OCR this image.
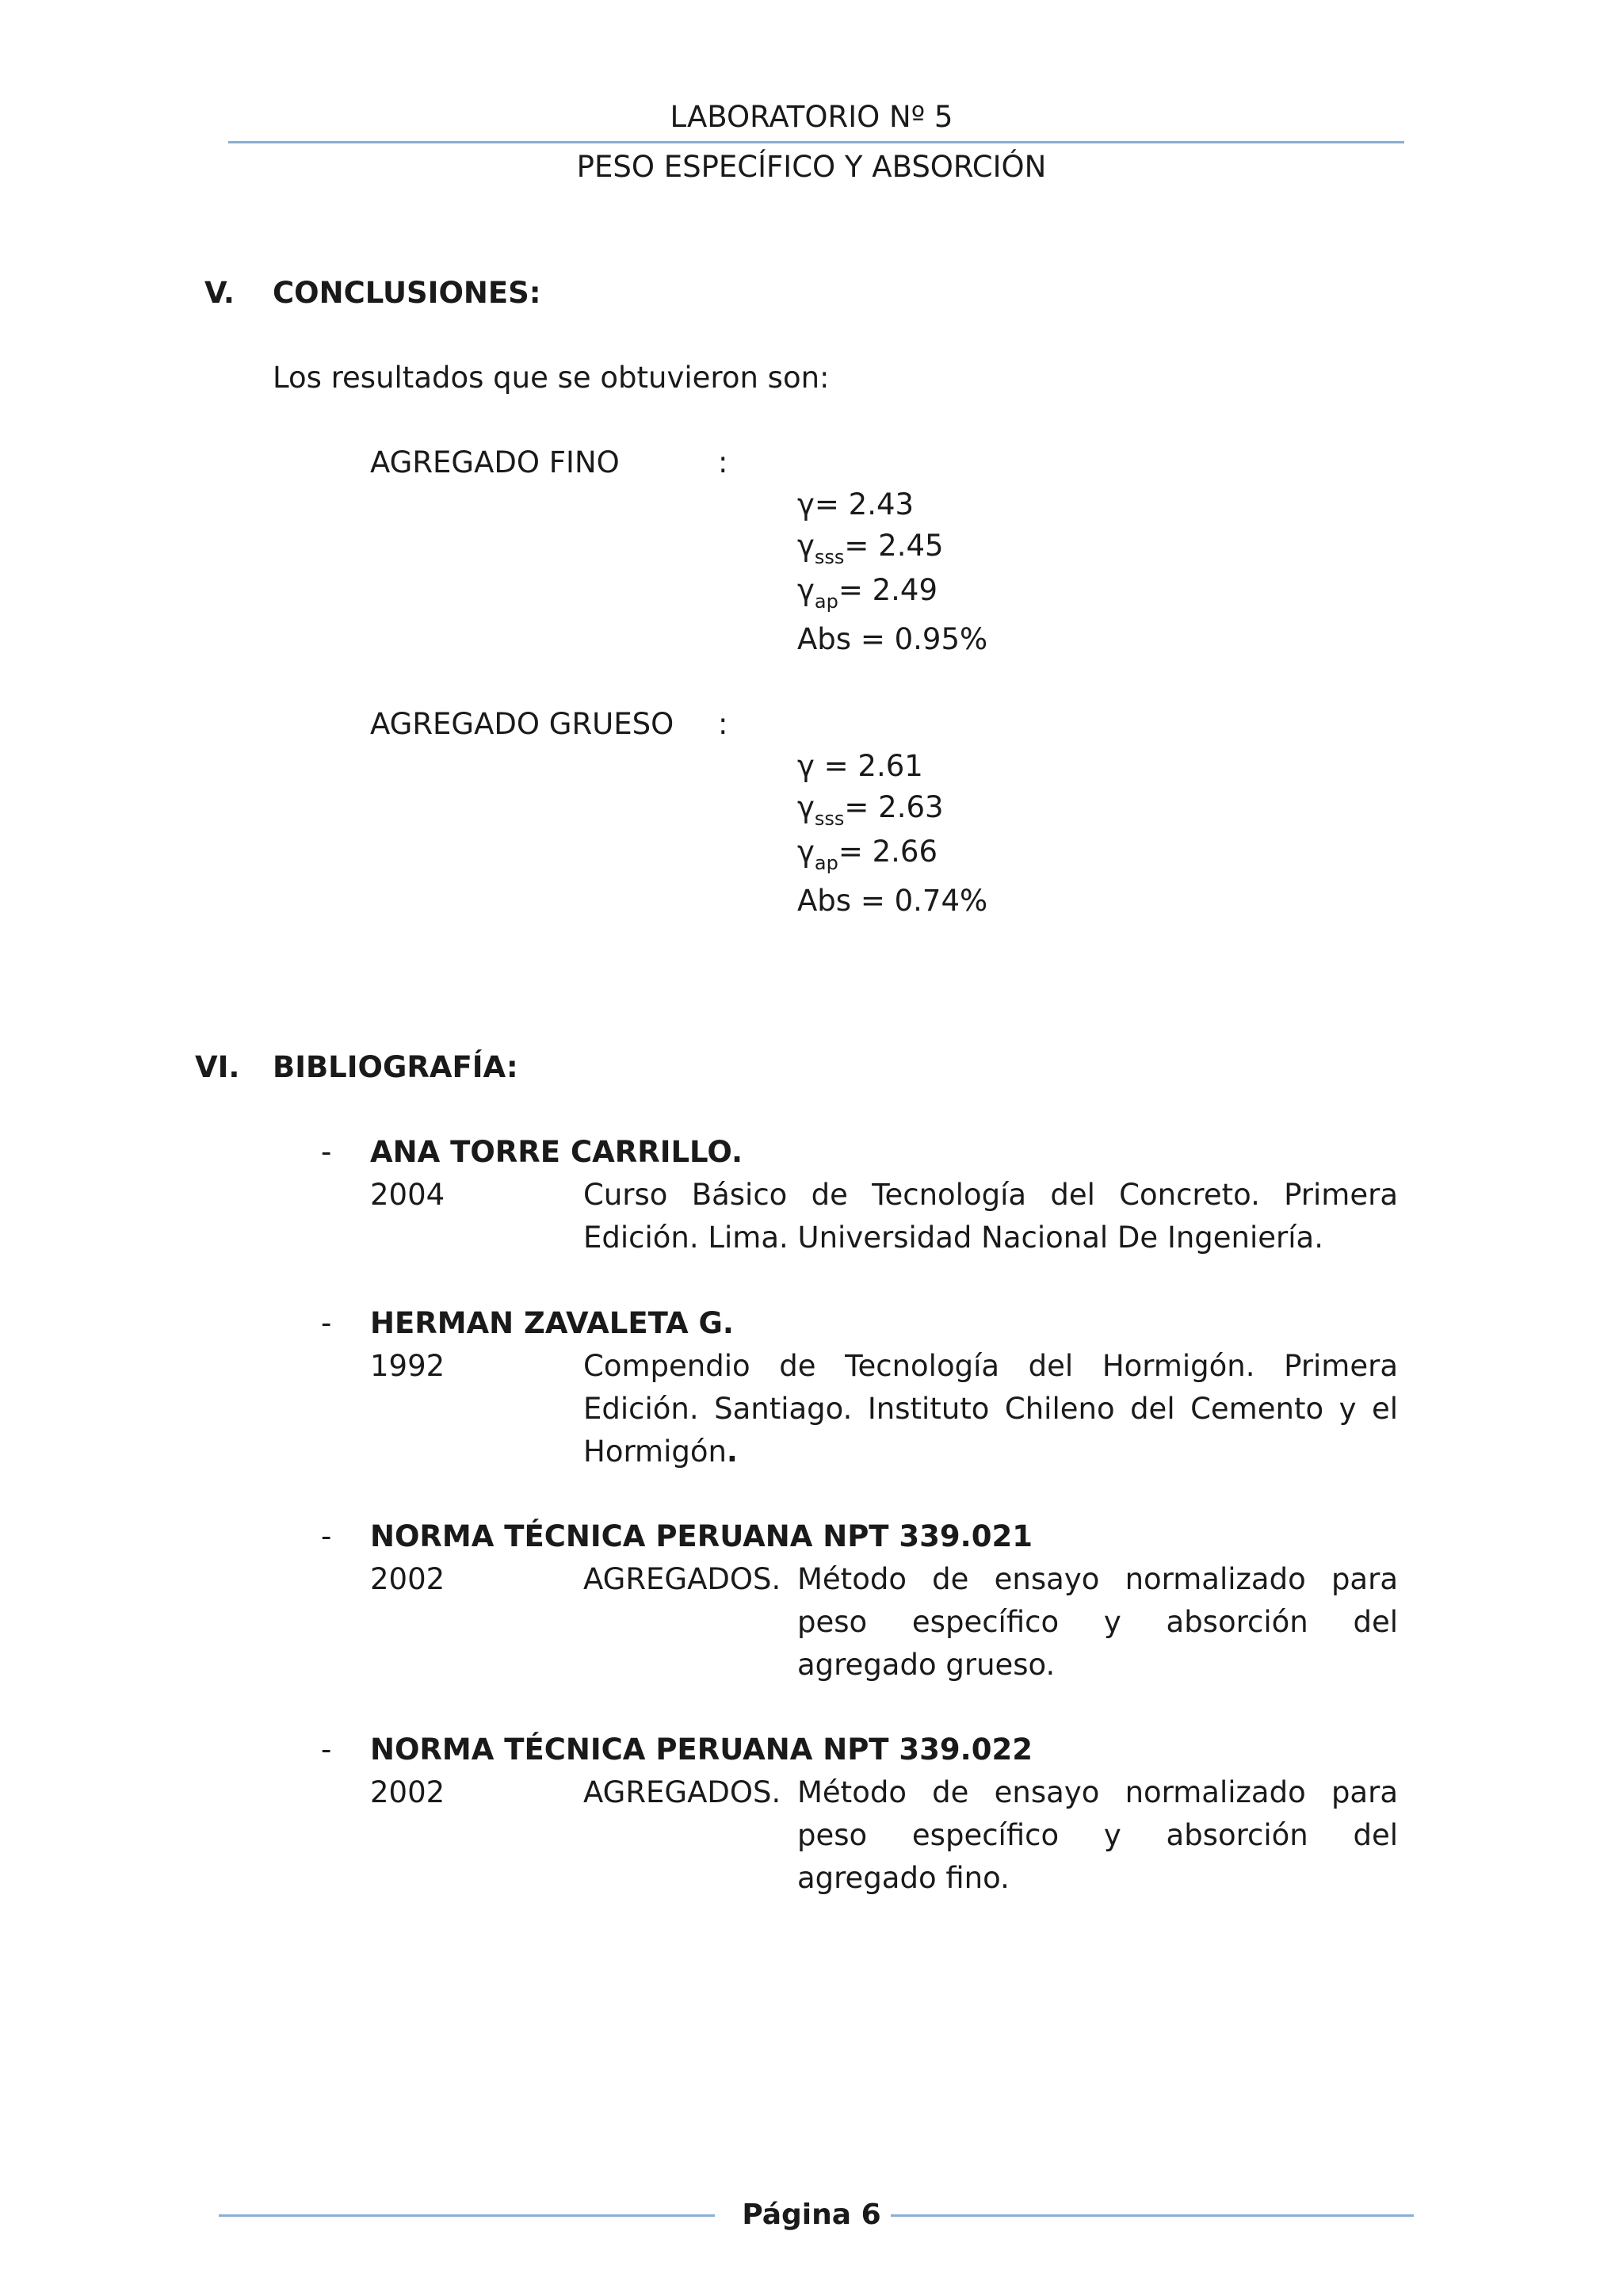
LABORATORIO Nº 5
PESO ESPECÍFICO Y ABSORCIÓN
V. CONCLUSIONES:
Los resultados que se obtuvieron son:
AGREGADO FINO	:
γ= 2.43
$\gamma_{sss}= 2.45$
$\gamma_{ap}= 2.49$
Abs = 0.95%
AGREGADO GRUESO :
γ = 2.61
$\gamma_{sss}= 2.63$
$\gamma_{ap}= 2.66$
Abs = 0.74%
VI. BIBLIOGRAFÍA:
- ANA TORRE CARRILLO.
2004	Curso Básico de Tecnología del Concreto. Primera Edición. Lima. Universidad Nacional De Ingeniería.
- HERMAN ZAVALETA G.
1992	Compendio de Tecnología del Hormigón. Primera Edición. Santiago. Instituto Chileno del Cemento y el Hormigón.
- NORMA TÉCNICA PERUANA NPT 339.021
2002	AGREGADOS. Método de ensayo normalizado para peso específico y absorción del agregado grueso.
- NORMA TÉCNICA PERUANA NPT 339.022
2002	AGREGADOS. Método de ensayo normalizado para peso específico y absorción del agregado fino.
Página 6
